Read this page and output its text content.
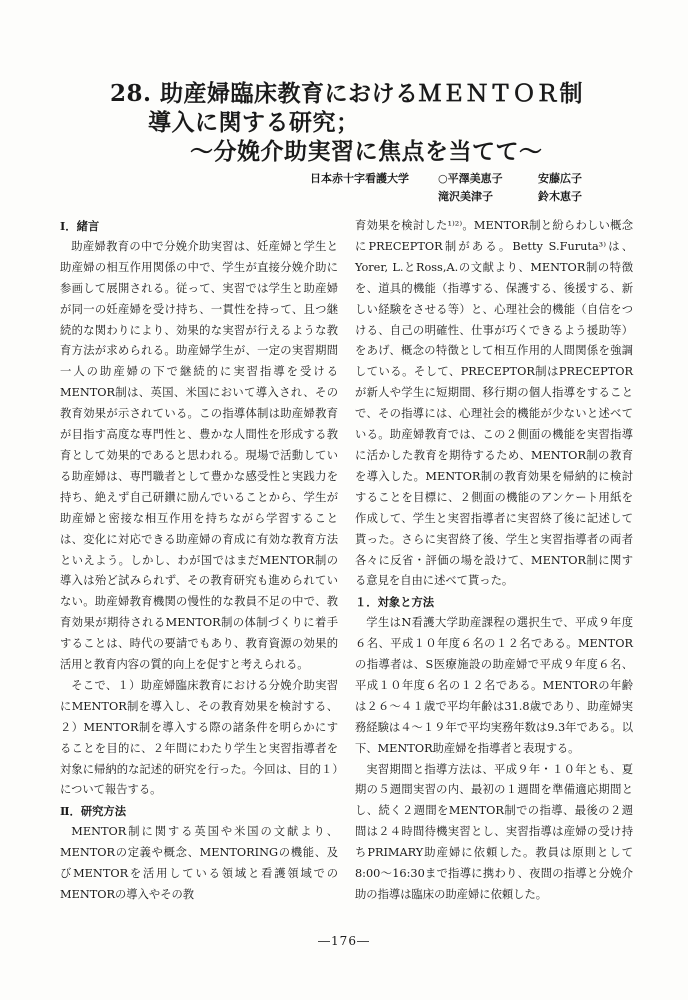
28. 助産婦臨床教育におけるＭＥＮＴＯＲ制
導入に関する研究；
～分娩介助実習に焦点を当てて～
日本赤十字看護大学	○平澤美恵子	安藤広子
滝沢美津子	鈴木恵子
Ⅰ．緒言

助産婦教育の中で分娩介助実習は、妊産婦と学生と助産婦の相互作用関係の中で、学生が直接分娩介助に参画して展開される。従って、実習では学生と助産婦が同一の妊産婦を受け持ち、一貫性を持って、且つ継続的な関わりにより、効果的な実習が行えるような教育方法が求められる。助産婦学生が、一定の実習期間一人の助産婦の下で継続的に実習指導を受けるMENTOR制は、英国、米国において導入され、その教育効果が示されている。この指導体制は助産婦教育が目指す高度な専門性と、豊かな人間性を形成する教育として効果的であると思われる。現場で活動している助産婦は、専門職者として豊かな感受性と実践力を持ち、絶えず自己研鑽に励んでいることから、学生が助産婦と密接な相互作用を持ちながら学習することは、変化に対応できる助産婦の育成に有効な教育方法といえよう。しかし、わが国ではまだMENTOR制の導入は殆ど試みられず、その教育研究も進められていない。助産婦教育機関の慢性的な教員不足の中で、教育効果が期待されるMENTOR制の体制づくりに着手することは、時代の要請でもあり、教育資源の効果的活用と教育内容の質的向上を促すと考えられる。

そこで、１）助産婦臨床教育における分娩介助実習にMENTOR制を導入し、その教育効果を検討する、２）MENTOR制を導入する際の諸条件を明らかにすることを目的に、２年間にわたり学生と実習指導者を対象に帰納的な記述的研究を行った。今回は、目的１）について報告する。

Ⅱ．研究方法

MENTOR制に関する英国や米国の文献より、MENTORの定義や概念、MENTORINGの機能、及びMENTORを活用している領域と看護領域でのMENTORの導入やその教

育効果を検討した¹⁾²⁾。MENTOR制と紛らわしい概念にPRECEPTOR制がある。Betty S.Furuta³⁾は、Yorer, L.とRoss,A.の文献より、MENTOR制の特徴を、道具的機能（指導する、保護する、後援する、新しい経験をさせる等）と、心理社会的機能（自信をつける、自己の明確性、仕事が巧くできるよう援助等）をあげ、概念の特徴として相互作用的人間関係を強調している。そして、PRECEPTOR制はPRECEPTORが新人や学生に短期間、移行期の個人指導をすることで、その指導には、心理社会的機能が少ないと述べている。助産婦教育では、この２側面の機能を実習指導に活かした教育を期待するため、MENTOR制の教育を導入した。MENTOR制の教育効果を帰納的に検討することを目標に、２側面の機能のアンケート用紙を作成して、学生と実習指導者に実習終了後に記述して貰った。さらに実習終了後、学生と実習指導者の両者各々に反省・評価の場を設けて、MENTOR制に関する意見を自由に述べて貰った。

１．対象と方法

学生はN看護大学助産課程の選択生で、平成９年度６名、平成１０年度６名の１２名である。MENTORの指導者は、S医療施設の助産婦で平成９年度６名、平成１０年度６名の１２名である。MENTORの年齢は２６～４１歳で平均年齢は31.8歳であり、助産婦実務経験は４～１９年で平均実務年数は9.3年である。以下、MENTOR助産婦を指導者と表現する。

実習期間と指導方法は、平成９年・１０年とも、夏期の５週間実習の内、最初の１週間を準備適応期間とし、続く２週間をMENTOR制での指導、最後の２週間は２４時間待機実習とし、実習指導は産婦の受け持ちPRIMARY助産婦に依頼した。教員は原則として8:00～16:30まで指導に携わり、夜間の指導と分娩介助の指導は臨床の助産婦に依頼した。

―176―
